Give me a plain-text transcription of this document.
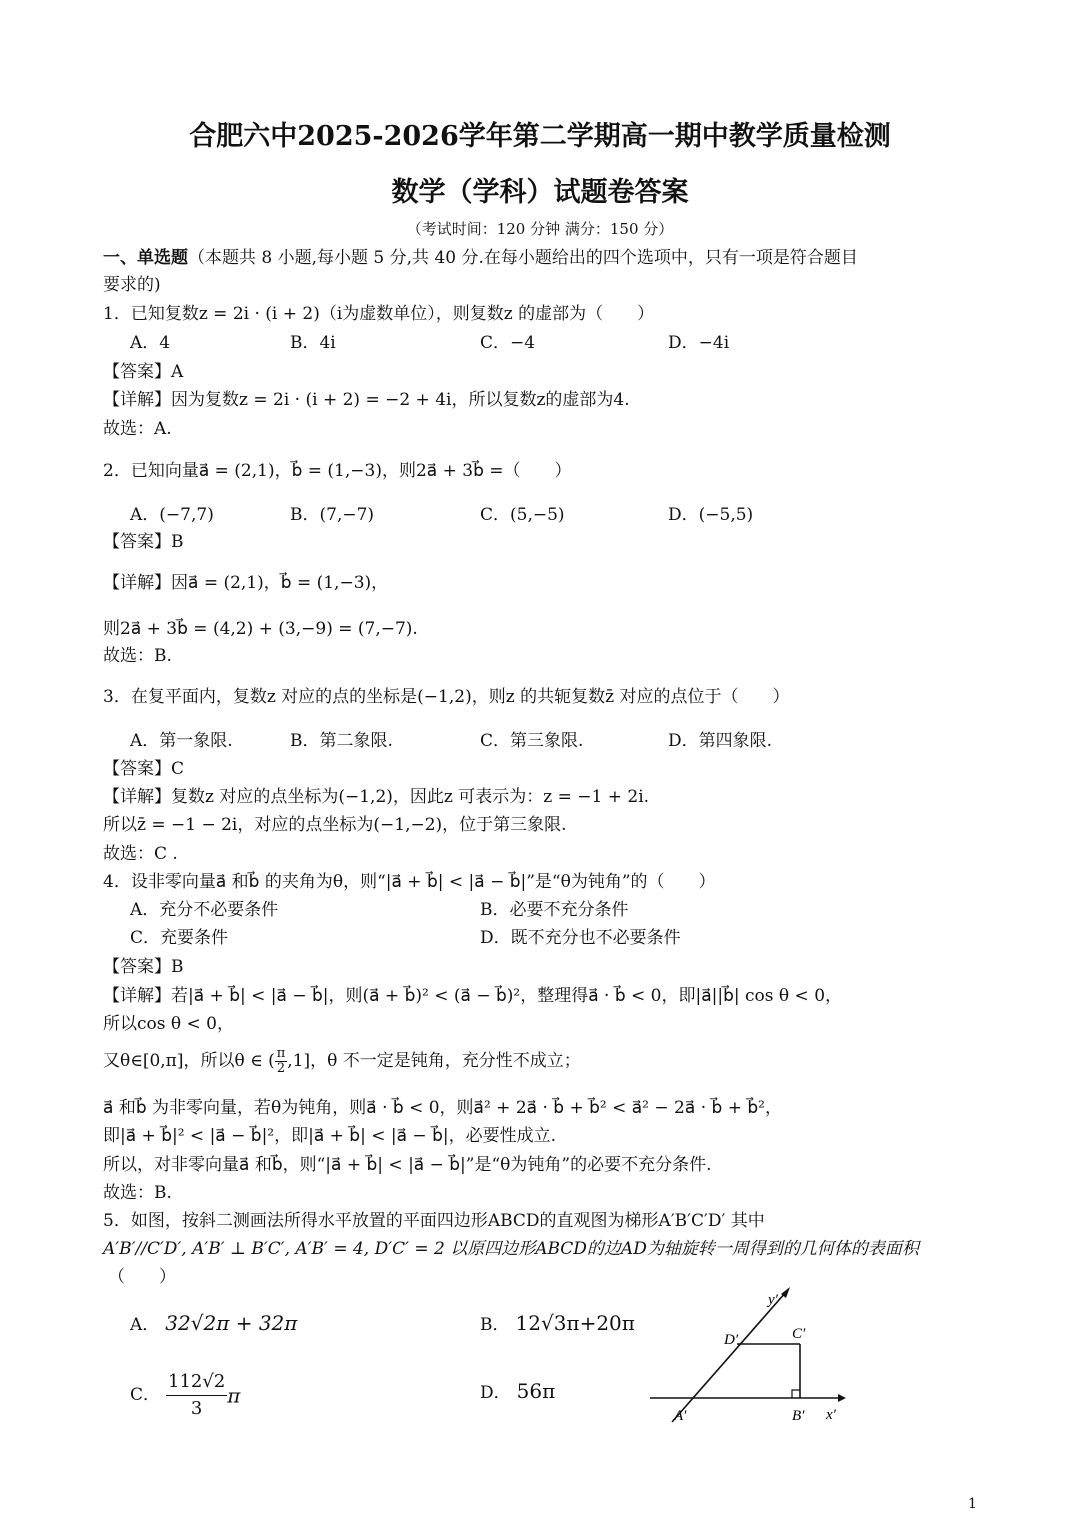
合肥六中2025-2026学年第二学期高一期中教学质量检测
数学（学科）试题卷答案
（考试时间：120 分钟 满分：150 分）
一、单选题（本题共 8 小题,每小题 5 分,共 40 分.在每小题给出的四个选项中，只有一项是符合题目
要求的)
1．已知复数z = 2i · (i + 2)（i为虚数单位），则复数z 的虚部为（　　）
A．4	B．4i	C．−4	D．−4i
【答案】A
【详解】因为复数z = 2i · (i + 2) = −2 + 4i，所以复数z的虚部为4.
故选：A.
2．已知向量a⃗ = (2,1)，b⃗ = (1,−3)，则2a⃗ + 3b⃗ =（　　）
A．(−7,7)	B．(7,−7)	C．(5,−5)	D．(−5,5)
【答案】B
【详解】因a⃗ = (2,1)，b⃗ = (1,−3)，
则2a⃗ + 3b⃗ = (4,2) + (3,−9) = (7,−7).
故选：B.
3．在复平面内，复数z 对应的点的坐标是(−1,2)，则z 的共轭复数z̄ 对应的点位于（　　）
A．第一象限.	B．第二象限.	C．第三象限.	D．第四象限.
【答案】C
【详解】复数z 对应的点坐标为(−1,2)，因此z 可表示为：z = −1 + 2i.
所以z̄ = −1 − 2i，对应的点坐标为(−1,−2)，位于第三象限.
故选：C .
4．设非零向量a⃗ 和b⃗ 的夹角为θ，则“|a⃗ + b⃗| < |a⃗ − b⃗|”是“θ为钝角”的（　　）
A．充分不必要条件	B．必要不充分条件
C．充要条件	D．既不充分也不必要条件
【答案】B
【详解】若|a⃗ + b⃗| < |a⃗ − b⃗|，则(a⃗ + b⃗)² < (a⃗ − b⃗)²，整理得a⃗ · b⃗ < 0，即|a⃗||b⃗| cos θ < 0，
所以cos θ < 0，
又θ∈[0,π]，所以θ ∈ ( $\frac{\pi}{2} ,1$]，θ 不一定是钝角，充分性不成立；
a⃗ 和b⃗ 为非零向量，若θ为钝角，则a⃗ · b⃗ < 0，则a⃗² + 2a⃗ · b⃗ + b⃗² < a⃗² − 2a⃗ · b⃗ + b⃗²，
即|a⃗ + b⃗|² < |a⃗ − b⃗|²，即|a⃗ + b⃗| < |a⃗ − b⃗|，必要性成立.
所以，对非零向量a⃗ 和b⃗，则“|a⃗ + b⃗| < |a⃗ − b⃗|”是“θ为钝角”的必要不充分条件.
故选：B.
5．如图，按斜二测画法所得水平放置的平面四边形ABCD的直观图为梯形A′B′C′D′ 其中
A′B′//C′D′, A′B′ ⊥ B′C′, A′B′ = 4, D′C′ = 2 以原四边形ABCD的边AD为轴旋转一周得到的几何体的表面积
（　　）
A． 32√2π + 32π	B． 12√3π+20π
C． $\frac{112√2}{3}$ π	D． 56π
y′
x′
A′	B′
C′
D′
1
